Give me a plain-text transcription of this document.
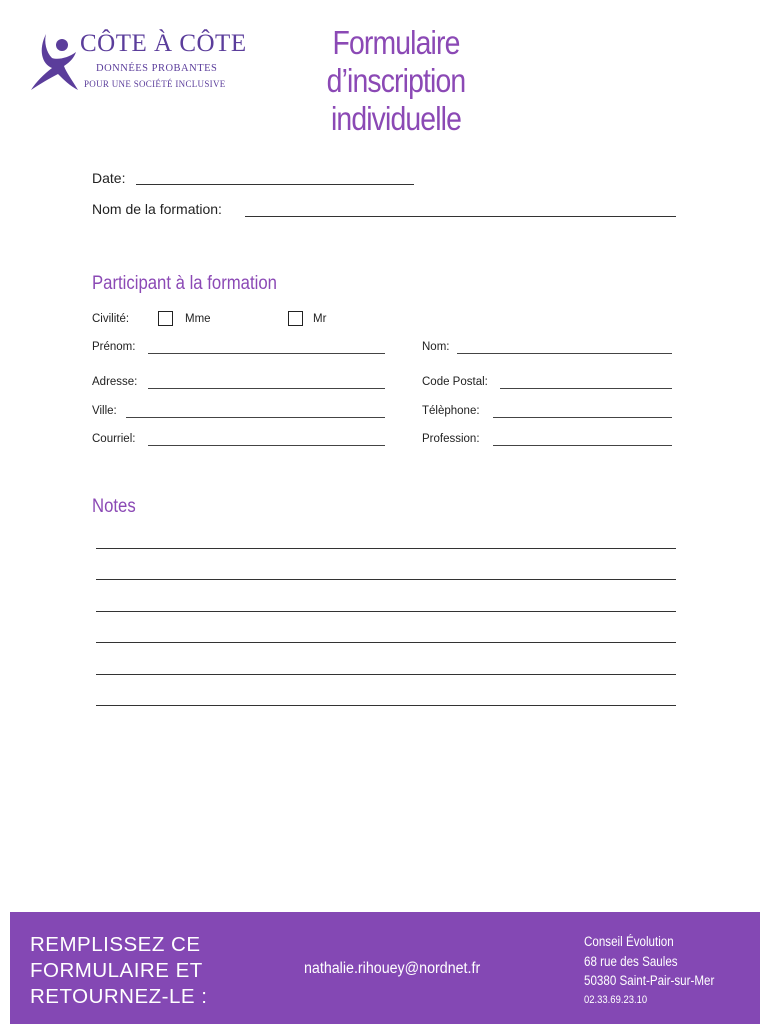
CÔTE À CÔTE
DONNÉES PROBANTES
POUR UNE SOCIÉTÉ INCLUSIVE
Formulaire d’inscription
individuelle
Date:
Nom de la formation:
Participant à la formation
Civilité:	Mme	Mr
Prénom:	Nom:
Adresse:	Code Postal:
Ville:	Télèphone:
Courriel:	Profession:
Notes
REMPLISSEZ CE
FORMULAIRE ET
RETOURNEZ-LE :
nathalie.rihouey@nordnet.fr
Conseil Évolution
68 rue des Saules
50380 Saint-Pair-sur-Mer
02.33.69.23.10
